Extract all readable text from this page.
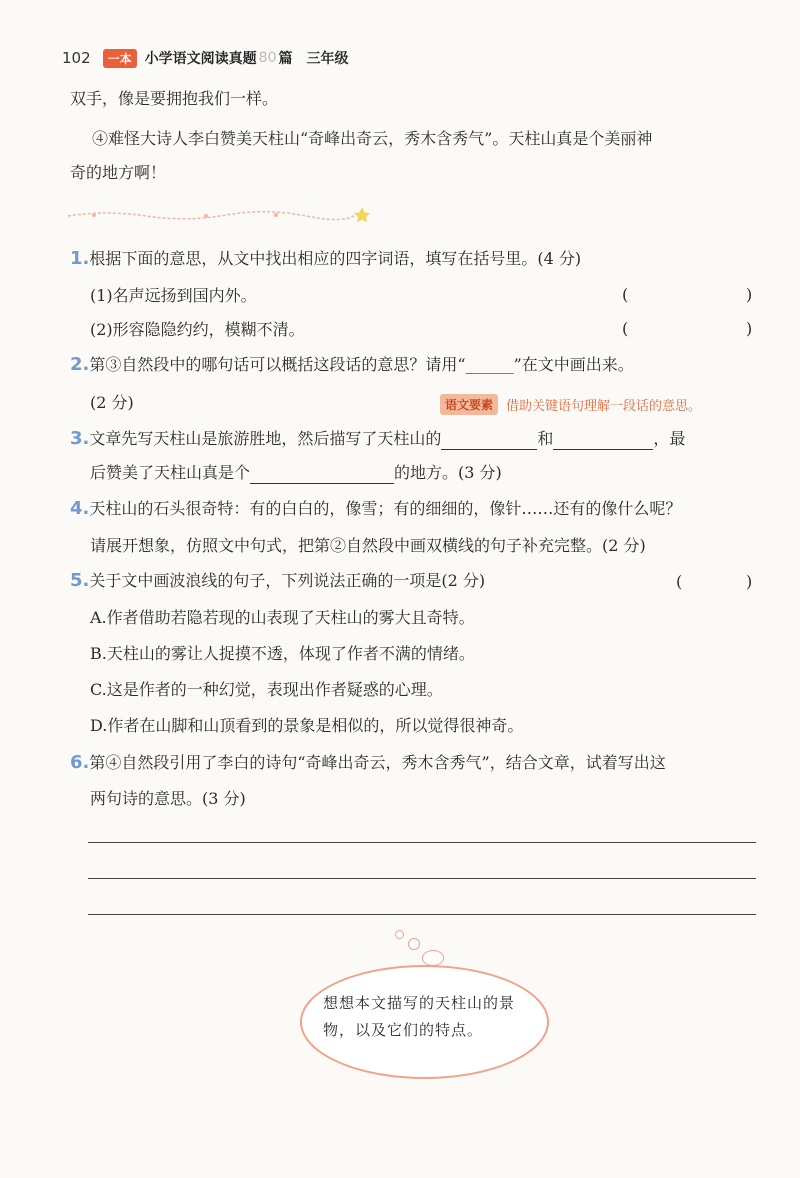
102	一本 小学语文阅读真题 80 篇 三年级
双手，像是要拥抱我们一样。
④难怪大诗人李白赞美天柱山“奇峰出奇云，秀木含秀气”。天柱山真是个美丽神
奇的地方啊！
1.根据下面的意思，从文中找出相应的四字词语，填写在括号里。(4 分)
(1)名声远扬到国内外。	(	)
(2)形容隐隐约约，模糊不清。	(	)
2.第③自然段中的哪句话可以概括这段话的意思？请用“______”在文中画出来。
(2 分)	语文要素	借助关键语句理解一段话的意思。
3.文章先写天柱山是旅游胜地，然后描写了天柱山的	和	，最
后赞美了天柱山真是个	的地方。(3 分)
4.天柱山的石头很奇特：有的白白的，像雪；有的细细的，像针……还有的像什么呢？
请展开想象，仿照文中句式，把第②自然段中画双横线的句子补充完整。(2 分)
5.关于文中画波浪线的句子，下列说法正确的一项是(2 分)	(	)
A.作者借助若隐若现的山表现了天柱山的雾大且奇特。
B.天柱山的雾让人捉摸不透，体现了作者不满的情绪。
C.这是作者的一种幻觉，表现出作者疑惑的心理。
D.作者在山脚和山顶看到的景象是相似的，所以觉得很神奇。
6.第④自然段引用了李白的诗句“奇峰出奇云，秀木含秀气”，结合文章，试着写出这
两句诗的意思。(3 分)
想想本文描写的天柱山的景物，以及它们的特点。
